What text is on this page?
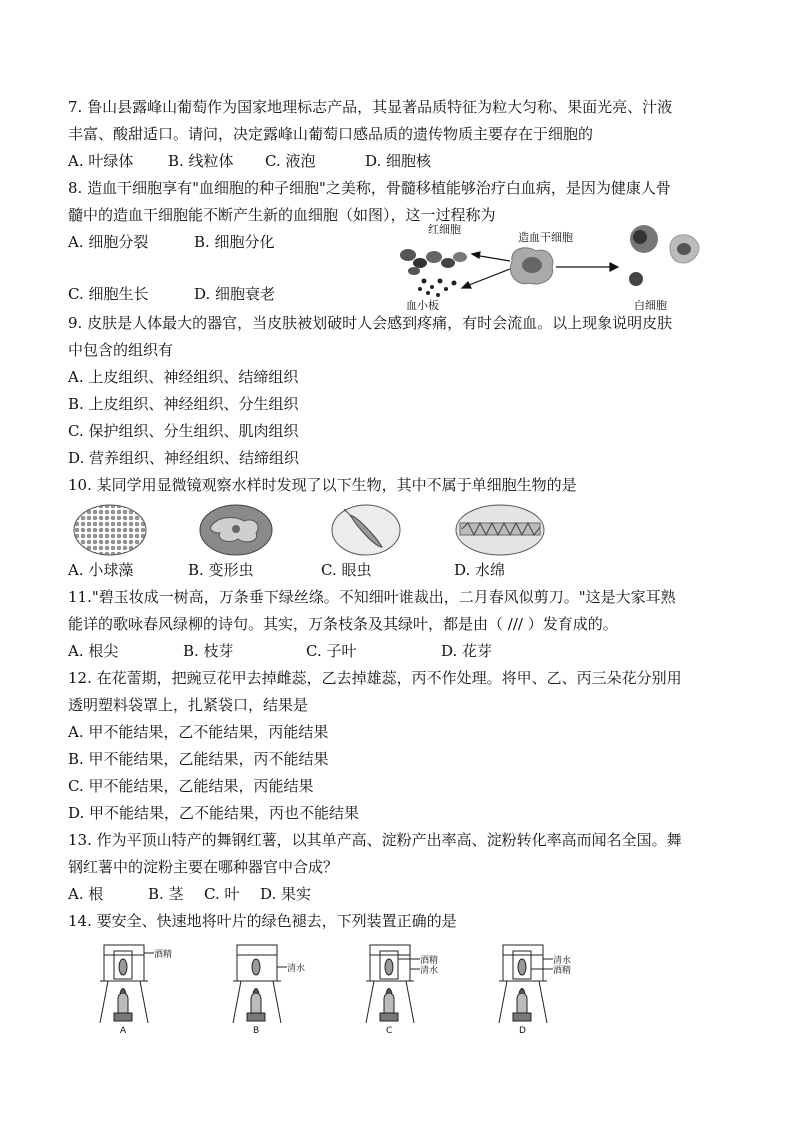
7. 鲁山县露峰山葡萄作为国家地理标志产品，其显著品质特征为粒大匀称、果面光亮、汁液
丰富、酸甜适口。请问，决定露峰山葡萄口感品质的遗传物质主要存在于细胞的
A. 叶绿体	B. 线粒体	C. 液泡	D. 细胞核
8. 造血干细胞享有"血细胞的种子细胞"之美称，骨髓移植能够治疗白血病，是因为健康人骨
髓中的造血干细胞能不断产生新的血细胞（如图），这一过程称为
A. 细胞分裂	B. 细胞分化
C. 细胞生长	D. 细胞衰老
红细胞
造血干细胞
血小板	白细胞
9. 皮肤是人体最大的器官，当皮肤被划破时人会感到疼痛，有时会流血。以上现象说明皮肤
中包含的组织有
A. 上皮组织、神经组织、结缔组织
B. 上皮组织、神经组织、分生组织
C. 保护组织、分生组织、肌肉组织
D. 营养组织、神经组织、结缔组织
10. 某同学用显微镜观察水样时发现了以下生物，其中不属于单细胞生物的是
A. 小球藻	B. 变形虫	C. 眼虫	D. 水绵
11."碧玉妆成一树高，万条垂下绿丝绦。不知细叶谁裁出，二月春风似剪刀。"这是大家耳熟
能详的歌咏春风绿柳的诗句。其实，万条枝条及其绿叶，都是由（ /// ）发育成的。
A. 根尖	B. 枝芽	C. 子叶	D. 花芽
12. 在花蕾期，把豌豆花甲去掉雌蕊，乙去掉雄蕊，丙不作处理。将甲、乙、丙三朵花分别用
透明塑料袋罩上，扎紧袋口，结果是
A. 甲不能结果，乙不能结果，丙能结果
B. 甲不能结果，乙能结果，丙不能结果
C. 甲不能结果，乙能结果，丙能结果
D. 甲不能结果，乙不能结果，丙也不能结果
13. 作为平顶山特产的舞钢红薯，以其单产高、淀粉产出率高、淀粉转化率高而闻名全国。舞
钢红薯中的淀粉主要在哪种器官中合成？
A. 根	B. 茎	C. 叶	D. 果实
14. 要安全、快速地将叶片的绿色褪去，下列装置正确的是
酒精
A
清水
B
酒精
清水
C
清水
酒精
D
